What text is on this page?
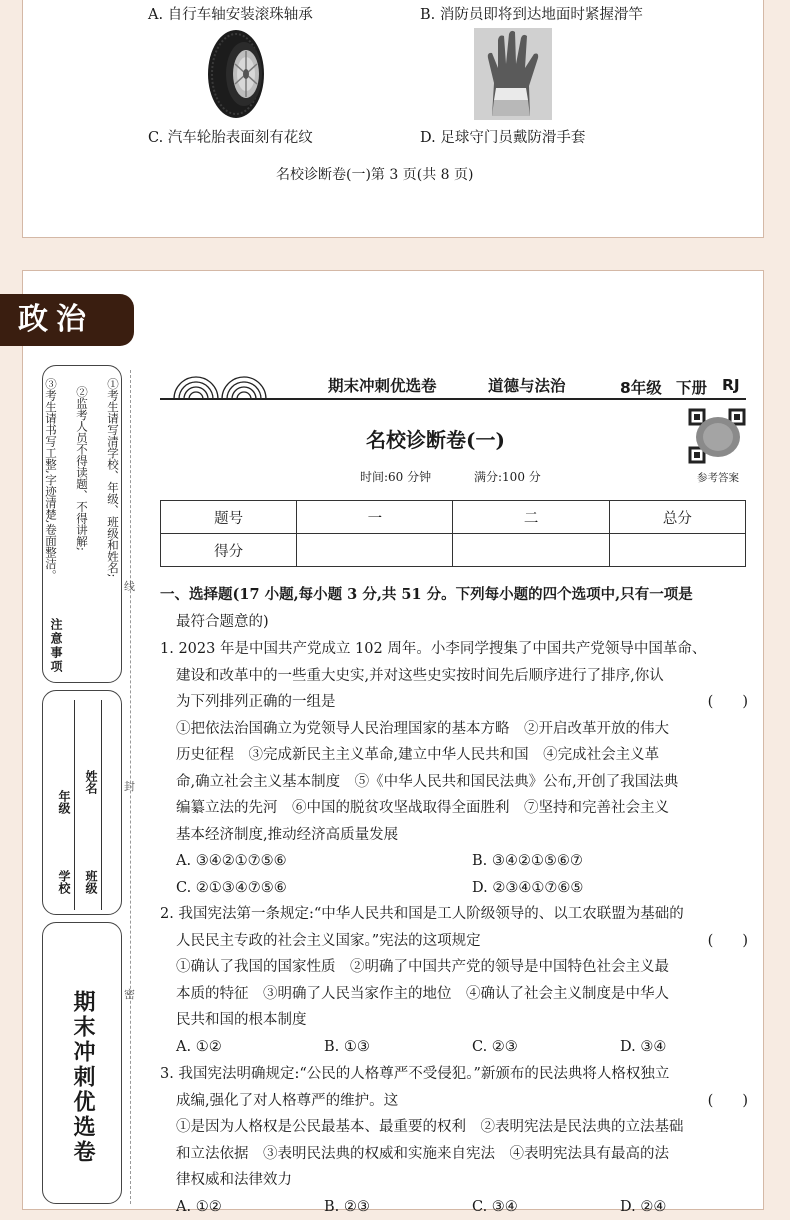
A. 自行车轴安装滚珠轴承	B. 消防员即将到达地面时紧握滑竿
C. 汽车轮胎表面刻有花纹	D. 足球守门员戴防滑手套
名校诊断卷(一)第 3 页(共 8 页)
政治
①考生请写清学校、年级、班级和姓名;
②监考人员不得读题、不得讲解;
③考生请书写工整,字迹清楚,卷面整洁。
注意事项
学校
年级
班级
姓名
期末冲刺优选卷
线
封
密
期末冲刺优选卷	道德与法治	8年级 下册 RJ
名校诊断卷(一)
参考答案
时间:60 分钟	满分:100 分
题号	一	二	总分
得分			
一、选择题(17 小题,每小题 3 分,共 51 分。下列每小题的四个选项中,只有一项是
最符合题意的)
1. 2023 年是中国共产党成立 102 周年。小李同学搜集了中国共产党领导中国革命、
建设和改革中的一些重大史实,并对这些史实按时间先后顺序进行了排序,你认
为下列排列正确的一组是	(　　)
①把依法治国确立为党领导人民治理国家的基本方略　②开启改革开放的伟大
历史征程　③完成新民主主义革命,建立中华人民共和国　④完成社会主义革
命,确立社会主义基本制度　⑤《中华人民共和国民法典》公布,开创了我国法典
编纂立法的先河　⑥中国的脱贫攻坚战取得全面胜利　⑦坚持和完善社会主义
基本经济制度,推动经济高质量发展
A. ③④②①⑦⑤⑥	B. ③④②①⑤⑥⑦
C. ②①③④⑦⑤⑥	D. ②③④①⑦⑥⑤
2. 我国宪法第一条规定:“中华人民共和国是工人阶级领导的、以工农联盟为基础的
人民民主专政的社会主义国家。”宪法的这项规定	(　　)
①确认了我国的国家性质　②明确了中国共产党的领导是中国特色社会主义最
本质的特征　③明确了人民当家作主的地位　④确认了社会主义制度是中华人
民共和国的根本制度
A. ①②	B. ①③	C. ②③	D. ③④
3. 我国宪法明确规定:“公民的人格尊严不受侵犯。”新颁布的民法典将人格权独立
成编,强化了对人格尊严的维护。这	(　　)
①是因为人格权是公民最基本、最重要的权利　②表明宪法是民法典的立法基础
和立法依据　③表明民法典的权威和实施来自宪法　④表明宪法具有最高的法
律权威和法律效力
A. ①②	B. ②③	C. ③④	D. ②④
